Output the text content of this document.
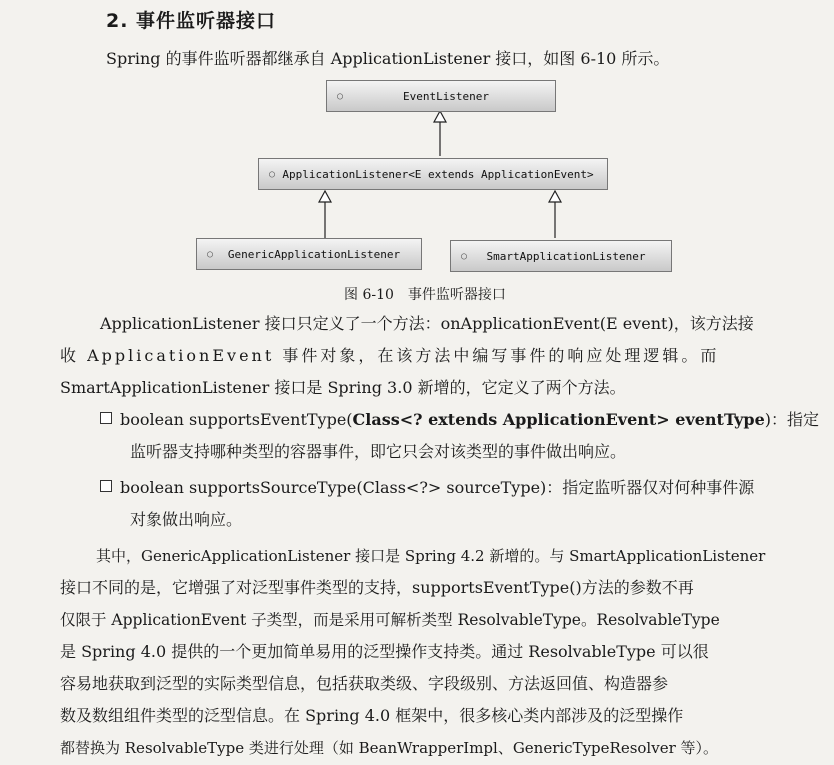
2. 事件监听器接口
Spring 的事件监听器都继承自 ApplicationListener 接口，如图 6-10 所示。
○	EventListener
○ ApplicationListener<E extends ApplicationEvent>
○	GenericApplicationListener	○	SmartApplicationListener
图 6-10　事件监听器接口
ApplicationListener 接口只定义了一个方法：onApplicationEvent(E event)，该方法接
收 ApplicationEvent 事件对象，在该方法中编写事件的响应处理逻辑。而
SmartApplicationListener 接口是 Spring 3.0 新增的，它定义了两个方法。
boolean supportsEventType(Class<? extends ApplicationEvent> eventType)：指定
监听器支持哪种类型的容器事件，即它只会对该类型的事件做出响应。
boolean supportsSourceType(Class<?> sourceType)：指定监听器仅对何种事件源
对象做出响应。
其中，GenericApplicationListener 接口是 Spring 4.2 新增的。与 SmartApplicationListener
接口不同的是，它增强了对泛型事件类型的支持，supportsEventType()方法的参数不再
仅限于 ApplicationEvent 子类型，而是采用可解析类型 ResolvableType。ResolvableType
是 Spring 4.0 提供的一个更加简单易用的泛型操作支持类。通过 ResolvableType 可以很
容易地获取到泛型的实际类型信息，包括获取类级、字段级别、方法返回值、构造器参
数及数组组件类型的泛型信息。在 Spring 4.0 框架中，很多核心类内部涉及的泛型操作
都替换为 ResolvableType 类进行处理（如 BeanWrapperImpl、GenericTypeResolver 等）。
